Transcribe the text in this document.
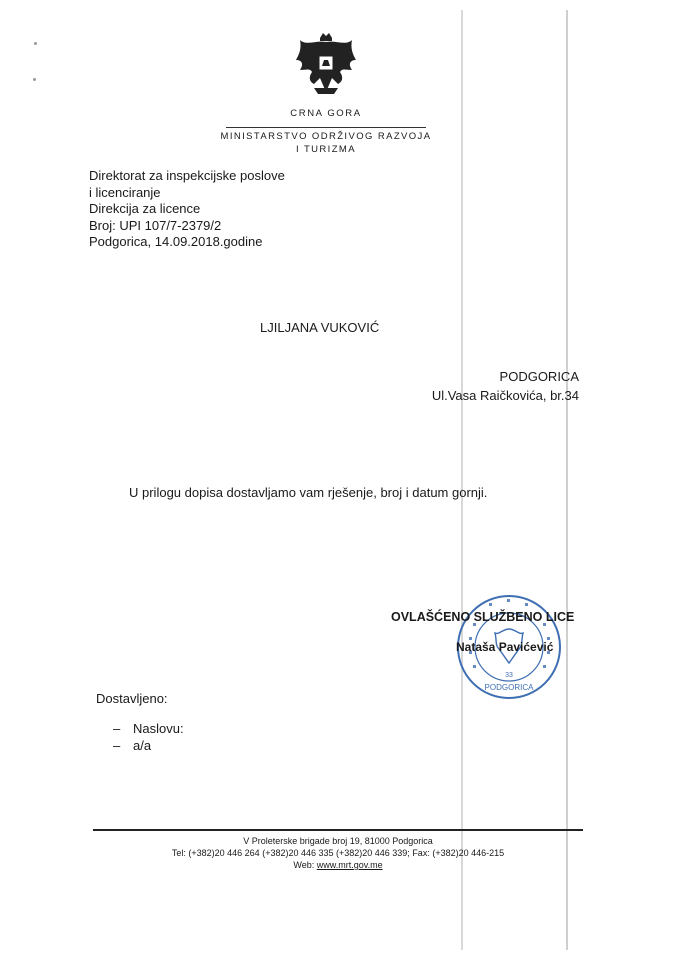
CRNA GORA
MINISTARSTVO ODRŽIVOG RAZVOJA
I TURIZMA
Direktorat za inspekcijske poslove
i licenciranje
Direkcija za licence
Broj: UPI 107/7-2379/2
Podgorica, 14.09.2018.godine
LJILJANA VUKOVIĆ
PODGORICA
Ul.Vasa Raičkovića, br.34
U prilogu dopisa dostavljamo vam rješenje, broj i datum gornji.
33
PODGORICA
OVLAŠĆENO SLUŽBENO LICE
Nataša Pavićević
Dostavljeno:
– Naslovu:
– a/a
V Proleterske brigade broj 19, 81000 Podgorica
Tel: (+382)20 446 264 (+382)20 446 335 (+382)20 446 339; Fax: (+382)20 446-215
Web: www.mrt.gov.me
